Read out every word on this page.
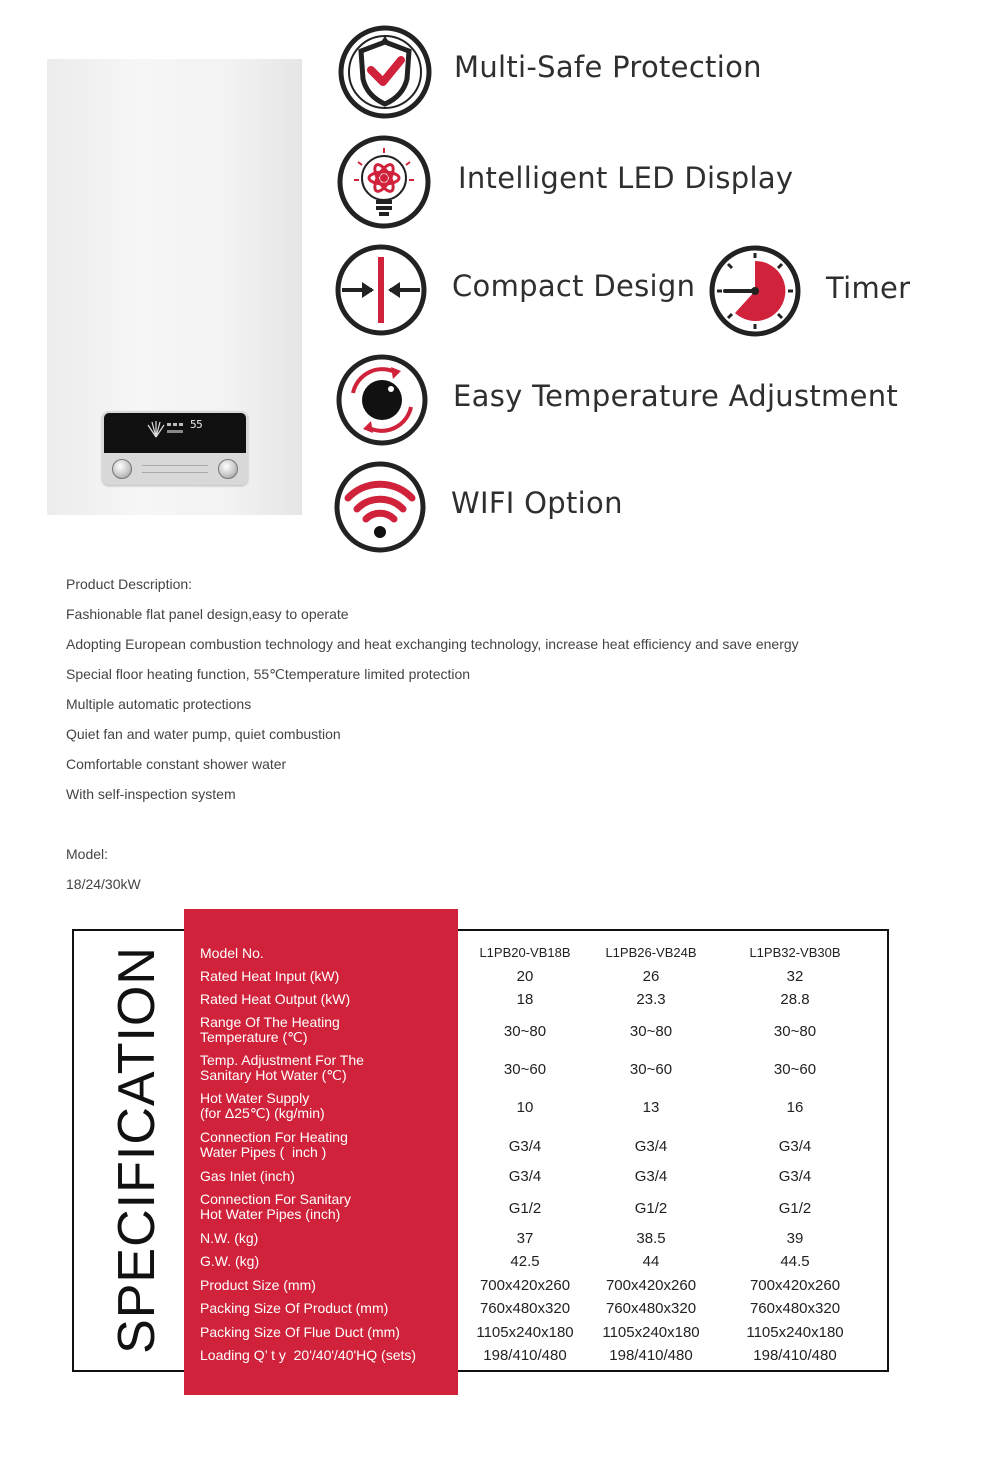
55
Multi-Safe Protection
Intelligent LED Display
Compact Design	Timer
Easy Temperature Adjustment
WIFI Option
Product Description:
Fashionable flat panel design,easy to operate
Adopting European combustion technology and heat exchanging technology, increase heat efficiency and save energy
Special floor heating function, 55℃temperature limited protection
Multiple automatic protections
Quiet fan and water pump, quiet combustion
Comfortable constant shower water
With self-inspection system
Model:
18/24/30kW
SPECIFICATION Model No.	L1PB20-VB18B	L1PB26-VB24B	L1PB32-VB30B
Rated Heat Input (kW)	20	26	32
Rated Heat Output (kW)	18	23.3	28.8
Range Of The Heating
Temperature (℃)	30~80	30~80	30~80
Temp. Adjustment For The
Sanitary Hot Water (℃)	30~60	30~60	30~60
Hot Water Supply
(for Δ25℃) (kg/min)	10	13	16
Connection For Heating
Water Pipes (  inch )	G3/4	G3/4	G3/4
Gas Inlet (inch)	G3/4	G3/4	G3/4
Connection For Sanitary
Hot Water Pipes (inch)	G1/2	G1/2	G1/2
N.W. (kg)	37	38.5	39
G.W. (kg)	42.5	44	44.5
Product Size (mm)	700x420x260	700x420x260	700x420x260
Packing Size Of Product (mm)	760x480x320	760x480x320	760x480x320
Packing Size Of Flue Duct (mm)	1105x240x180	1105x240x180	1105x240x180
Loading Q’ t y  20'/40'/40'HQ (sets)	198/410/480	198/410/480	198/410/480
